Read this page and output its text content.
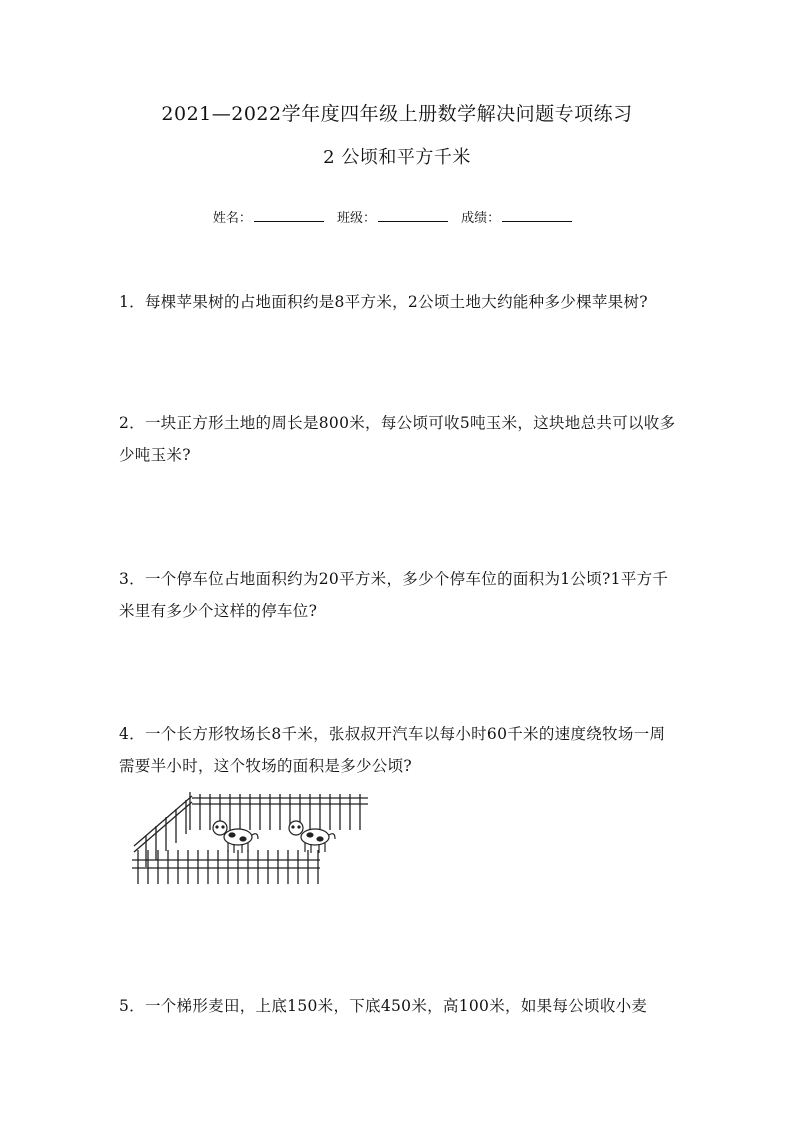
2021—2022学年度四年级上册数学解决问题专项练习
2 公顷和平方千米
姓名：	班级：	成绩：
1．每棵苹果树的占地面积约是8平方米，2公顷土地大约能种多少棵苹果树?
2．一块正方形土地的周长是800米，每公顷可收5吨玉米，这块地总共可以收多少吨玉米?
3．一个停车位占地面积约为20平方米，多少个停车位的面积为1公顷?1平方千米里有多少个这样的停车位?
4．一个长方形牧场长8千米，张叔叔开汽车以每小时60千米的速度绕牧场一周需要半小时，这个牧场的面积是多少公顷?
5．一个梯形麦田，上底150米，下底450米，高100米，如果每公顷收小麦
